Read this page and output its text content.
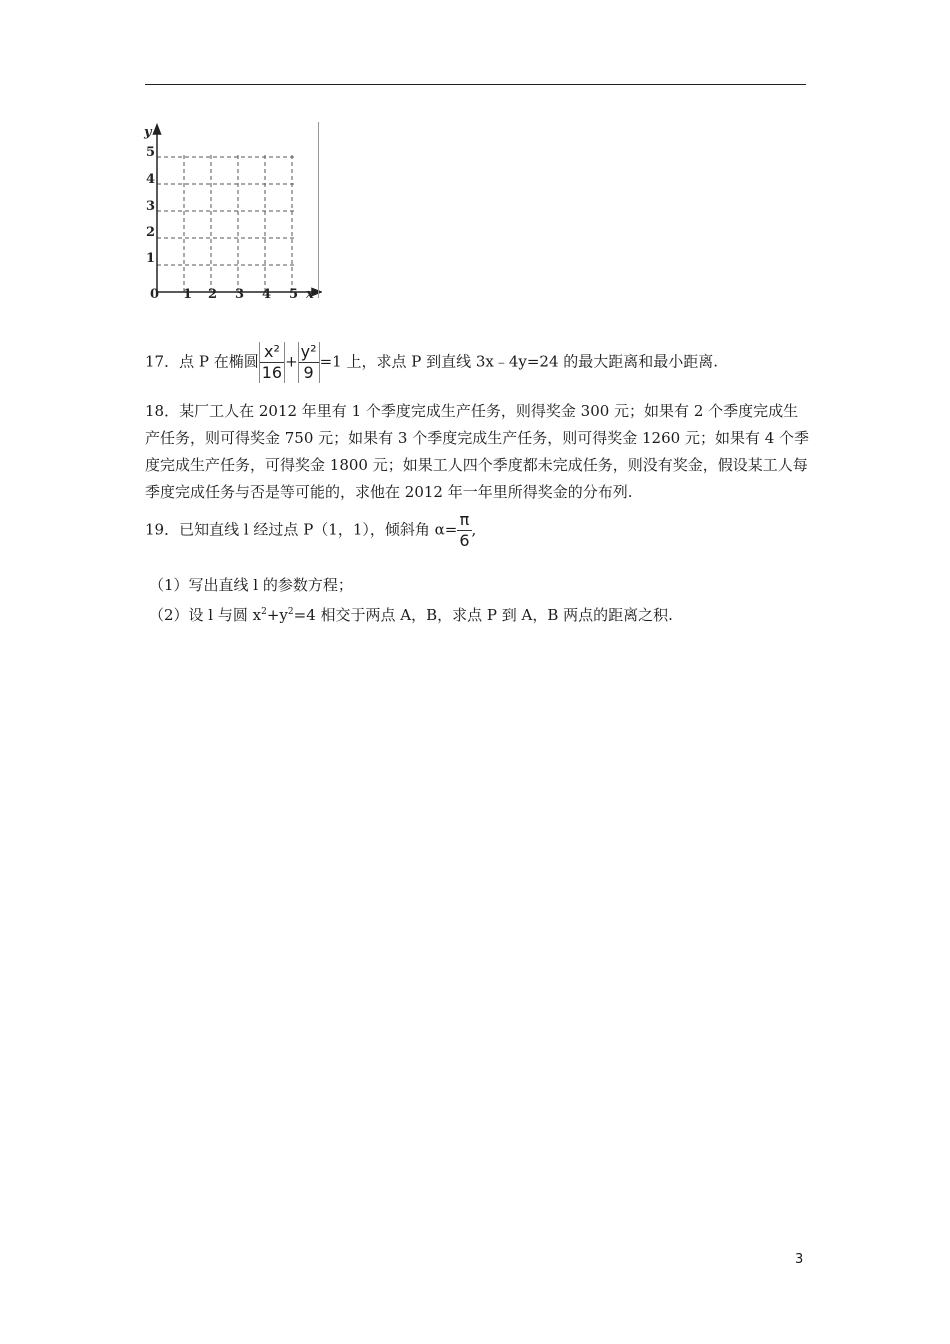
y
x
0 1 2 3 4 5
1
2
3
4
5
17．点 P 在椭圆 $\frac{\text{x²}}{16} + \frac{\text{y²}}{9} =1$ 上，求点 P 到直线 3x﹣4y=24 的最大距离和最小距离.
18．某厂工人在 2012 年里有 1 个季度完成生产任务，则得奖金 300 元；如果有 2 个季度完成生产任务，则可得奖金 750 元；如果有 3 个季度完成生产任务，则可得奖金 1260 元；如果有 4 个季度完成生产任务，可得奖金 1800 元；如果工人四个季度都未完成任务，则没有奖金，假设某工人每季度完成任务与否是等可能的，求他在 2012 年一年里所得奖金的分布列.
19．已知直线 l 经过点 P（1，1），倾斜角 $\alpha= \frac{\pi}{6}$ ,
（1）写出直线 l 的参数方程；
（2）设 l 与圆 $x^2+y^2=4$ 相交于两点 A，B，求点 P 到 A，B 两点的距离之积.
3
